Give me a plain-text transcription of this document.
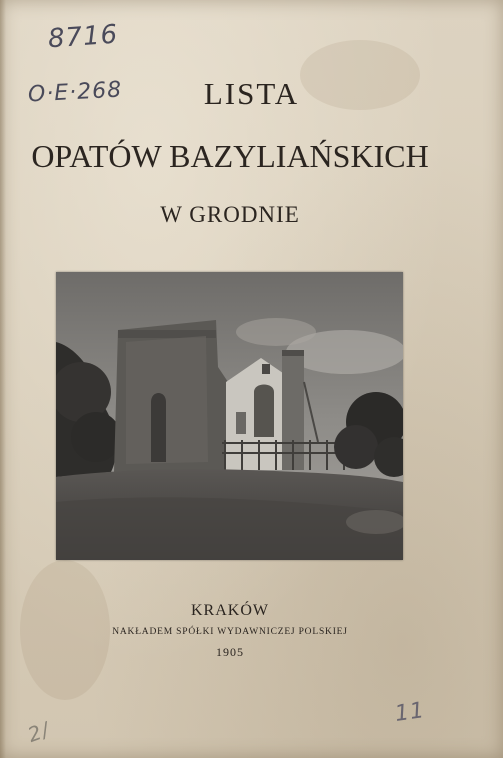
8716
O·E·268	LISTA
OPATÓW BAZYLIAŃSKICH
W GRODNIE
KRAKÓW
NAKŁADEM SPÓŁKI WYDAWNICZEJ POLSKIEJ
1905
11
2/
